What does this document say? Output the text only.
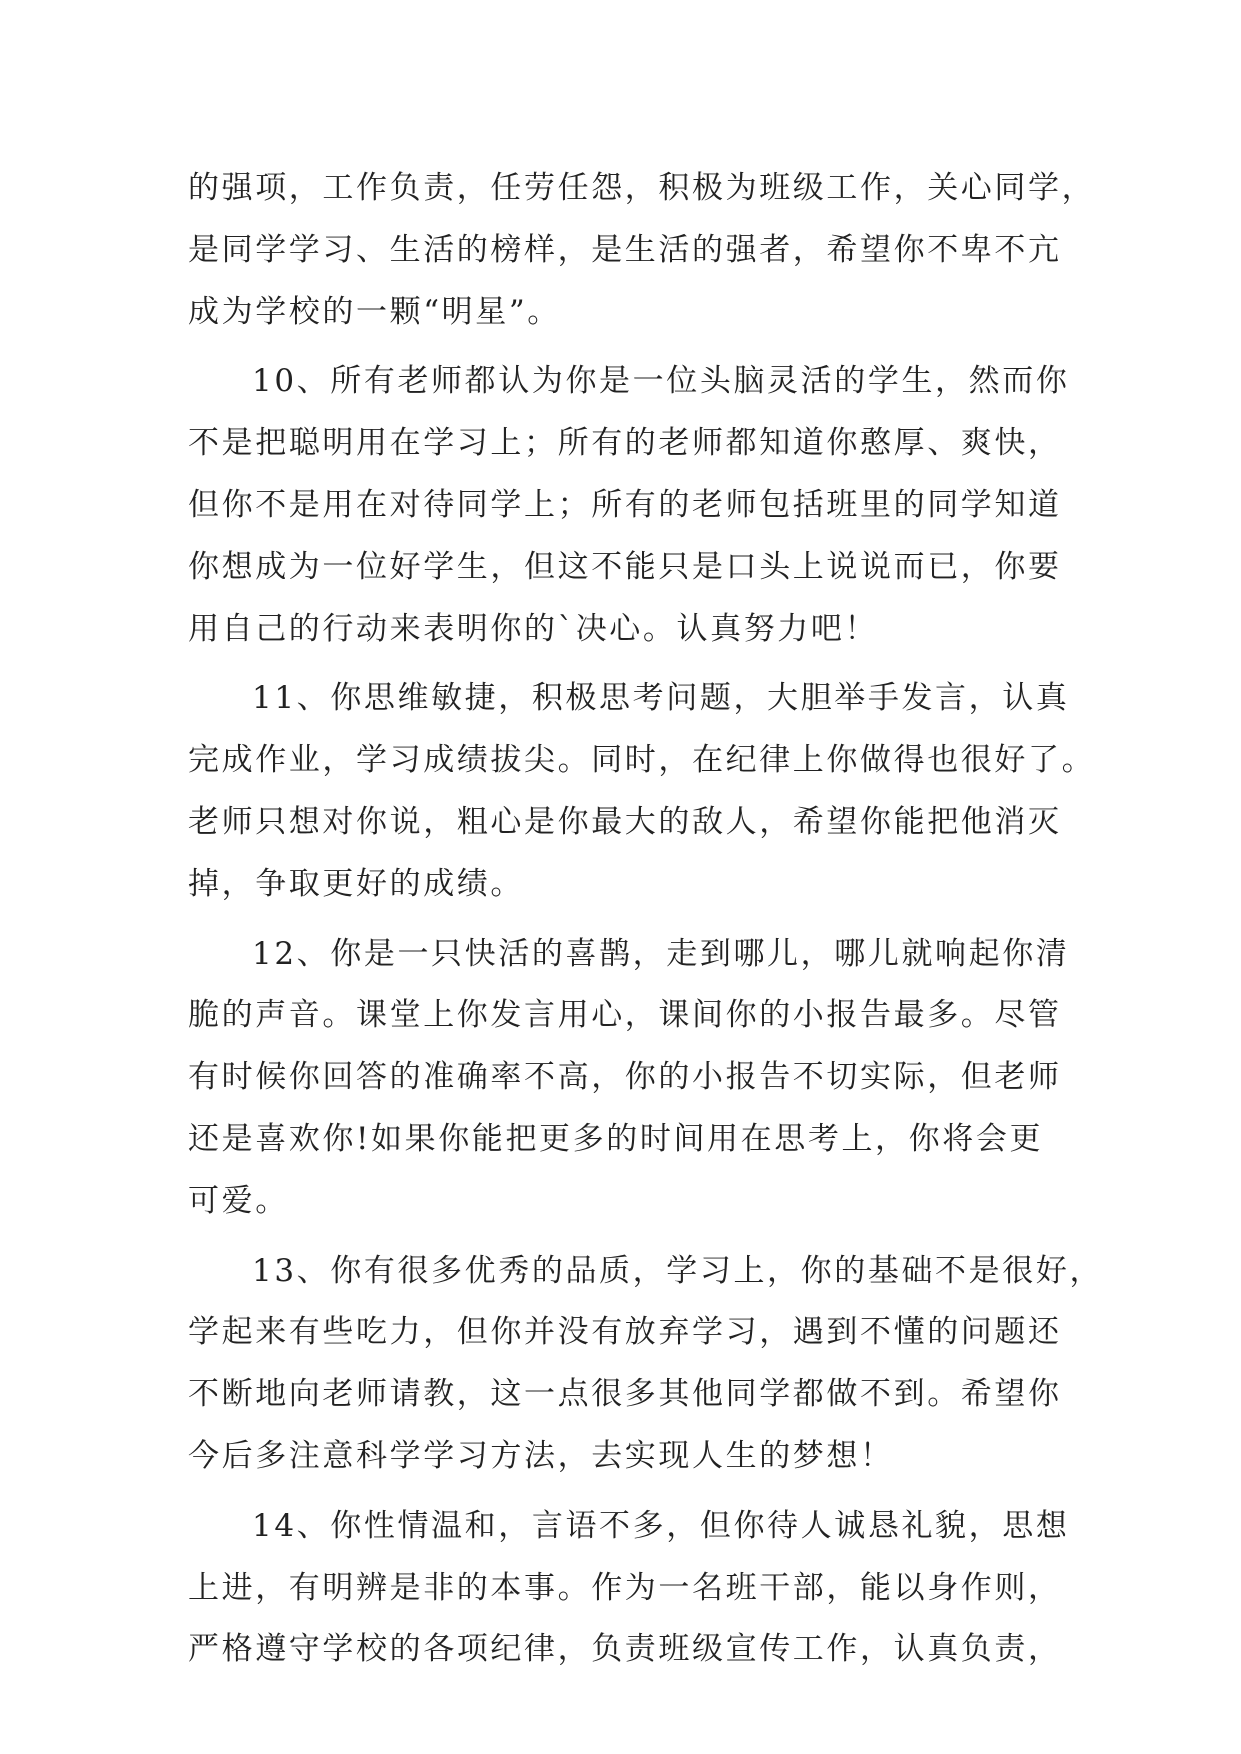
的强项，工作负责，任劳任怨，积极为班级工作，关心同学，
是同学学习、生活的榜样，是生活的强者，希望你不卑不亢
成为学校的一颗“明星”。
10、所有老师都认为你是一位头脑灵活的学生，然而你
不是把聪明用在学习上；所有的老师都知道你憨厚、爽快，
但你不是用在对待同学上；所有的老师包括班里的同学知道
你想成为一位好学生，但这不能只是口头上说说而已，你要
用自己的行动来表明你的`决心。认真努力吧！
11、你思维敏捷，积极思考问题，大胆举手发言，认真
完成作业，学习成绩拔尖。同时，在纪律上你做得也很好了。
老师只想对你说，粗心是你最大的敌人，希望你能把他消灭
掉，争取更好的成绩。
12、你是一只快活的喜鹊，走到哪儿，哪儿就响起你清
脆的声音。课堂上你发言用心，课间你的小报告最多。尽管
有时候你回答的准确率不高，你的小报告不切实际，但老师
还是喜欢你!如果你能把更多的时间用在思考上，你将会更
可爱。
13、你有很多优秀的品质，学习上，你的基础不是很好，
学起来有些吃力，但你并没有放弃学习，遇到不懂的问题还
不断地向老师请教，这一点很多其他同学都做不到。希望你
今后多注意科学学习方法，去实现人生的梦想！
14、你性情温和，言语不多，但你待人诚恳礼貌，思想
上进，有明辨是非的本事。作为一名班干部，能以身作则，
严格遵守学校的各项纪律，负责班级宣传工作，认真负责，
